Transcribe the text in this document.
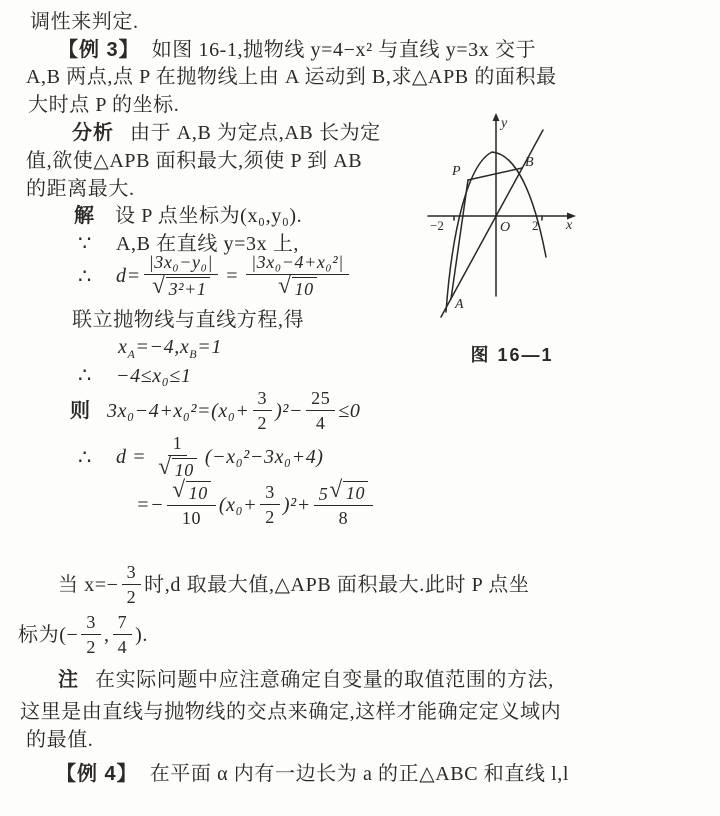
调性来判定.
【例 3】 如图 16-1,抛物线 y=4−x² 与直线 y=3x 交于
A,B 两点,点 P 在抛物线上由 A 运动到 B,求△APB 的面积最
大时点 P 的坐标.
分析 由于 A,B 为定点,AB 长为定
值,欲使△APB 面积最大,须使 P 到 AB
的距离最大.
解 设 P 点坐标为(x₀,y₀).
∵ A,B 在直线 y=3x 上,
∴ $d= \frac{\text{|3x₀−y₀|}}{\text{√ 3²+1}} = \frac{\text{|3x₀−4+x₀²|}}{√ 10}$
联立抛物线与直线方程,得
$x_A=-4,x_B=1$
∴ −4≤x₀≤1
则 $3x_0-4+x_0^2=(x_0+ \frac{3}{2} )^2- \frac{25}{4} \le 0$
∴ $d = \frac{1}{√ 10} (-x_0^2-3x_0+4)$
=− $\frac{√ 10}{10} (x_0+ \frac{3}{2} )^2+ \frac{5 √ 10}{8}$
当 $x=- \frac{3}{2}$ 时,d 取最大值,△APB 面积最大.此时 P 点坐
标为(− $\frac{3}{2}$ , $\frac{7}{4}$ ).
注 在实际问题中应注意确定自变量的取值范围的方法,
这里是由直线与抛物线的交点来确定,这样才能确定定义域内
的最值.
【例 4】 在平面 α 内有一边长为 a 的正△ABC 和直线 l,l
y
x
O
P
B
A
−2	2
图 16—1
